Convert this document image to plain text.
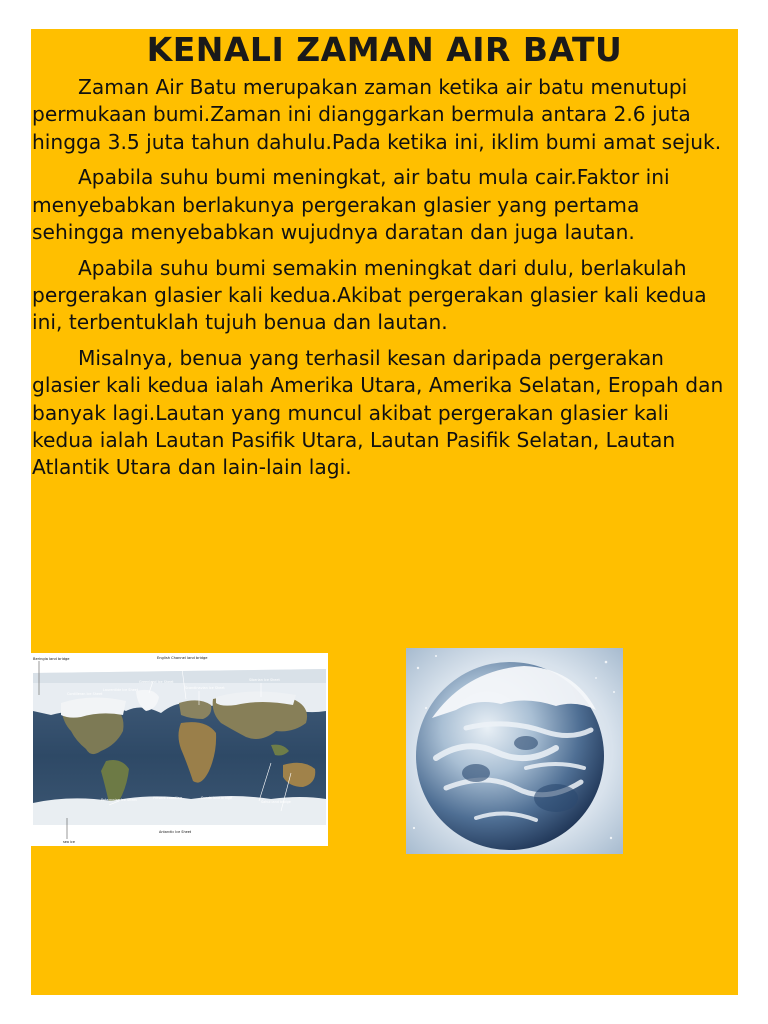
KENALI ZAMAN AIR BATU

Zaman Air Batu merupakan zaman ketika air batu menutupi permukaan bumi.Zaman ini dianggarkan bermula antara 2.6 juta hingga 3.5 juta tahun dahulu.Pada ketika ini, iklim bumi amat sejuk.

Apabila suhu bumi meningkat, air batu mula cair.Faktor ini menyebabkan berlakunya pergerakan glasier yang pertama sehingga menyebabkan wujudnya daratan dan juga lautan.

Apabila suhu bumi semakin meningkat dari dulu, berlakulah pergerakan glasier kali kedua.Akibat pergerakan glasier kali kedua ini, terbentuklah tujuh benua dan lautan.

Misalnya, benua yang terhasil kesan daripada pergerakan glasier kali kedua ialah Amerika Utara, Amerika Selatan, Eropah dan banyak lagi.Lautan yang muncul akibat pergerakan glasier kali kedua ialah Lautan Pasifik Utara, Lautan Pasifik Selatan, Lautan Atlantik Utara dan lain-lain lagi.

Beringia land bridge	English Channel land bridge
Cordilleran Ice Sheet
Laurentide Ice Sheet
Greenland Ice Sheet
Scandinavian Ice Sheet
Siberian Ice Sheet
Patagonian Ice Sheet	Present coastline	Sunda land bridge
Sahul land bridge
Antarctic Ice Sheet
sea ice
